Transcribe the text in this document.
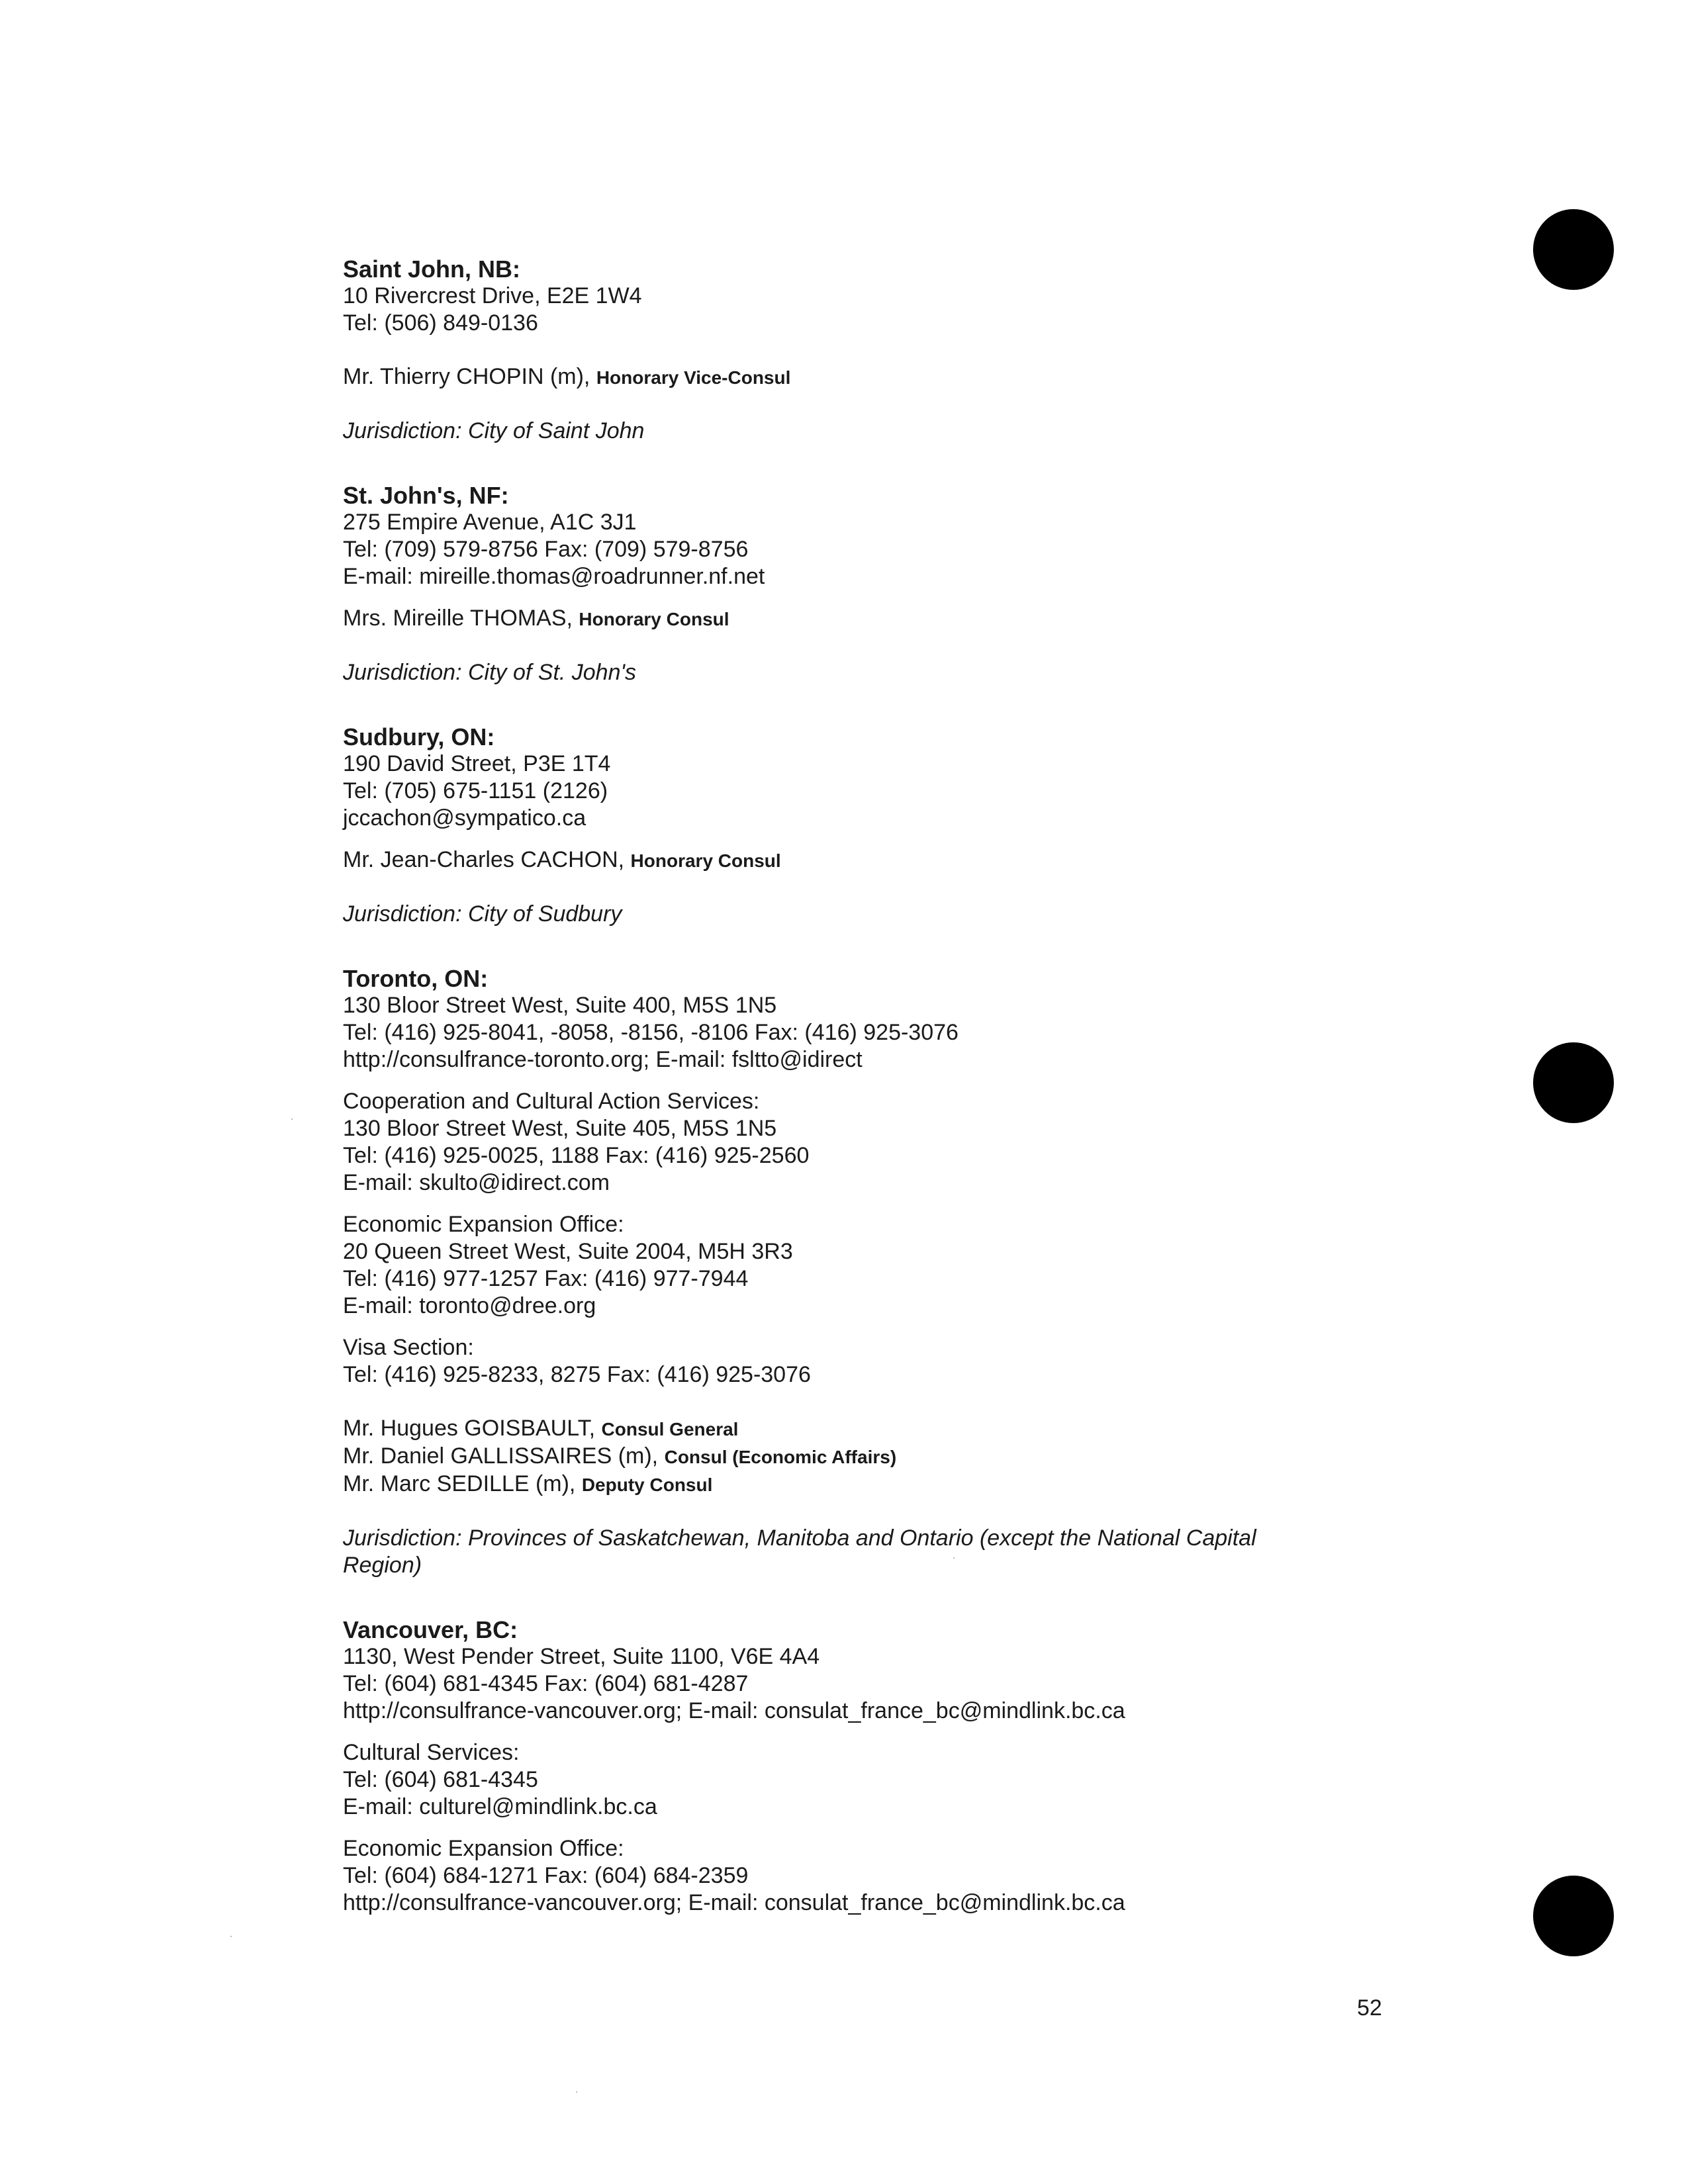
Saint John, NB:
10 Rivercrest Drive, E2E 1W4
Tel: (506) 849-0136
Mr. Thierry CHOPIN (m), Honorary Vice-Consul
Jurisdiction: City of Saint John
St. John's, NF:
275 Empire Avenue, A1C 3J1
Tel: (709) 579-8756 Fax: (709) 579-8756
E-mail: mireille.thomas@roadrunner.nf.net
Mrs. Mireille THOMAS, Honorary Consul
Jurisdiction: City of St. John's
Sudbury, ON:
190 David Street, P3E 1T4
Tel: (705) 675-1151 (2126)
jccachon@sympatico.ca
Mr. Jean-Charles CACHON, Honorary Consul
Jurisdiction: City of Sudbury
Toronto, ON:
130 Bloor Street West, Suite 400, M5S 1N5
Tel: (416) 925-8041, -8058, -8156, -8106 Fax: (416) 925-3076
http://consulfrance-toronto.org; E-mail: fsltto@idirect
Cooperation and Cultural Action Services:
130 Bloor Street West, Suite 405, M5S 1N5
Tel: (416) 925-0025, 1188 Fax: (416) 925-2560
E-mail: skulto@idirect.com
Economic Expansion Office:
20 Queen Street West, Suite 2004, M5H 3R3
Tel: (416) 977-1257 Fax: (416) 977-7944
E-mail: toronto@dree.org
Visa Section:
Tel: (416) 925-8233, 8275 Fax: (416) 925-3076
Mr. Hugues GOISBAULT, Consul General
Mr. Daniel GALLISSAIRES (m), Consul (Economic Affairs)
Mr. Marc SEDILLE (m), Deputy Consul
Jurisdiction: Provinces of Saskatchewan, Manitoba and Ontario (except the National Capital Region)
Vancouver, BC:
1130, West Pender Street, Suite 1100, V6E 4A4
Tel: (604) 681-4345 Fax: (604) 681-4287
http://consulfrance-vancouver.org; E-mail: consulat_france_bc@mindlink.bc.ca
Cultural Services:
Tel: (604) 681-4345
E-mail: culturel@mindlink.bc.ca
Economic Expansion Office:
Tel: (604) 684-1271 Fax: (604) 684-2359
http://consulfrance-vancouver.org; E-mail: consulat_france_bc@mindlink.bc.ca
52
